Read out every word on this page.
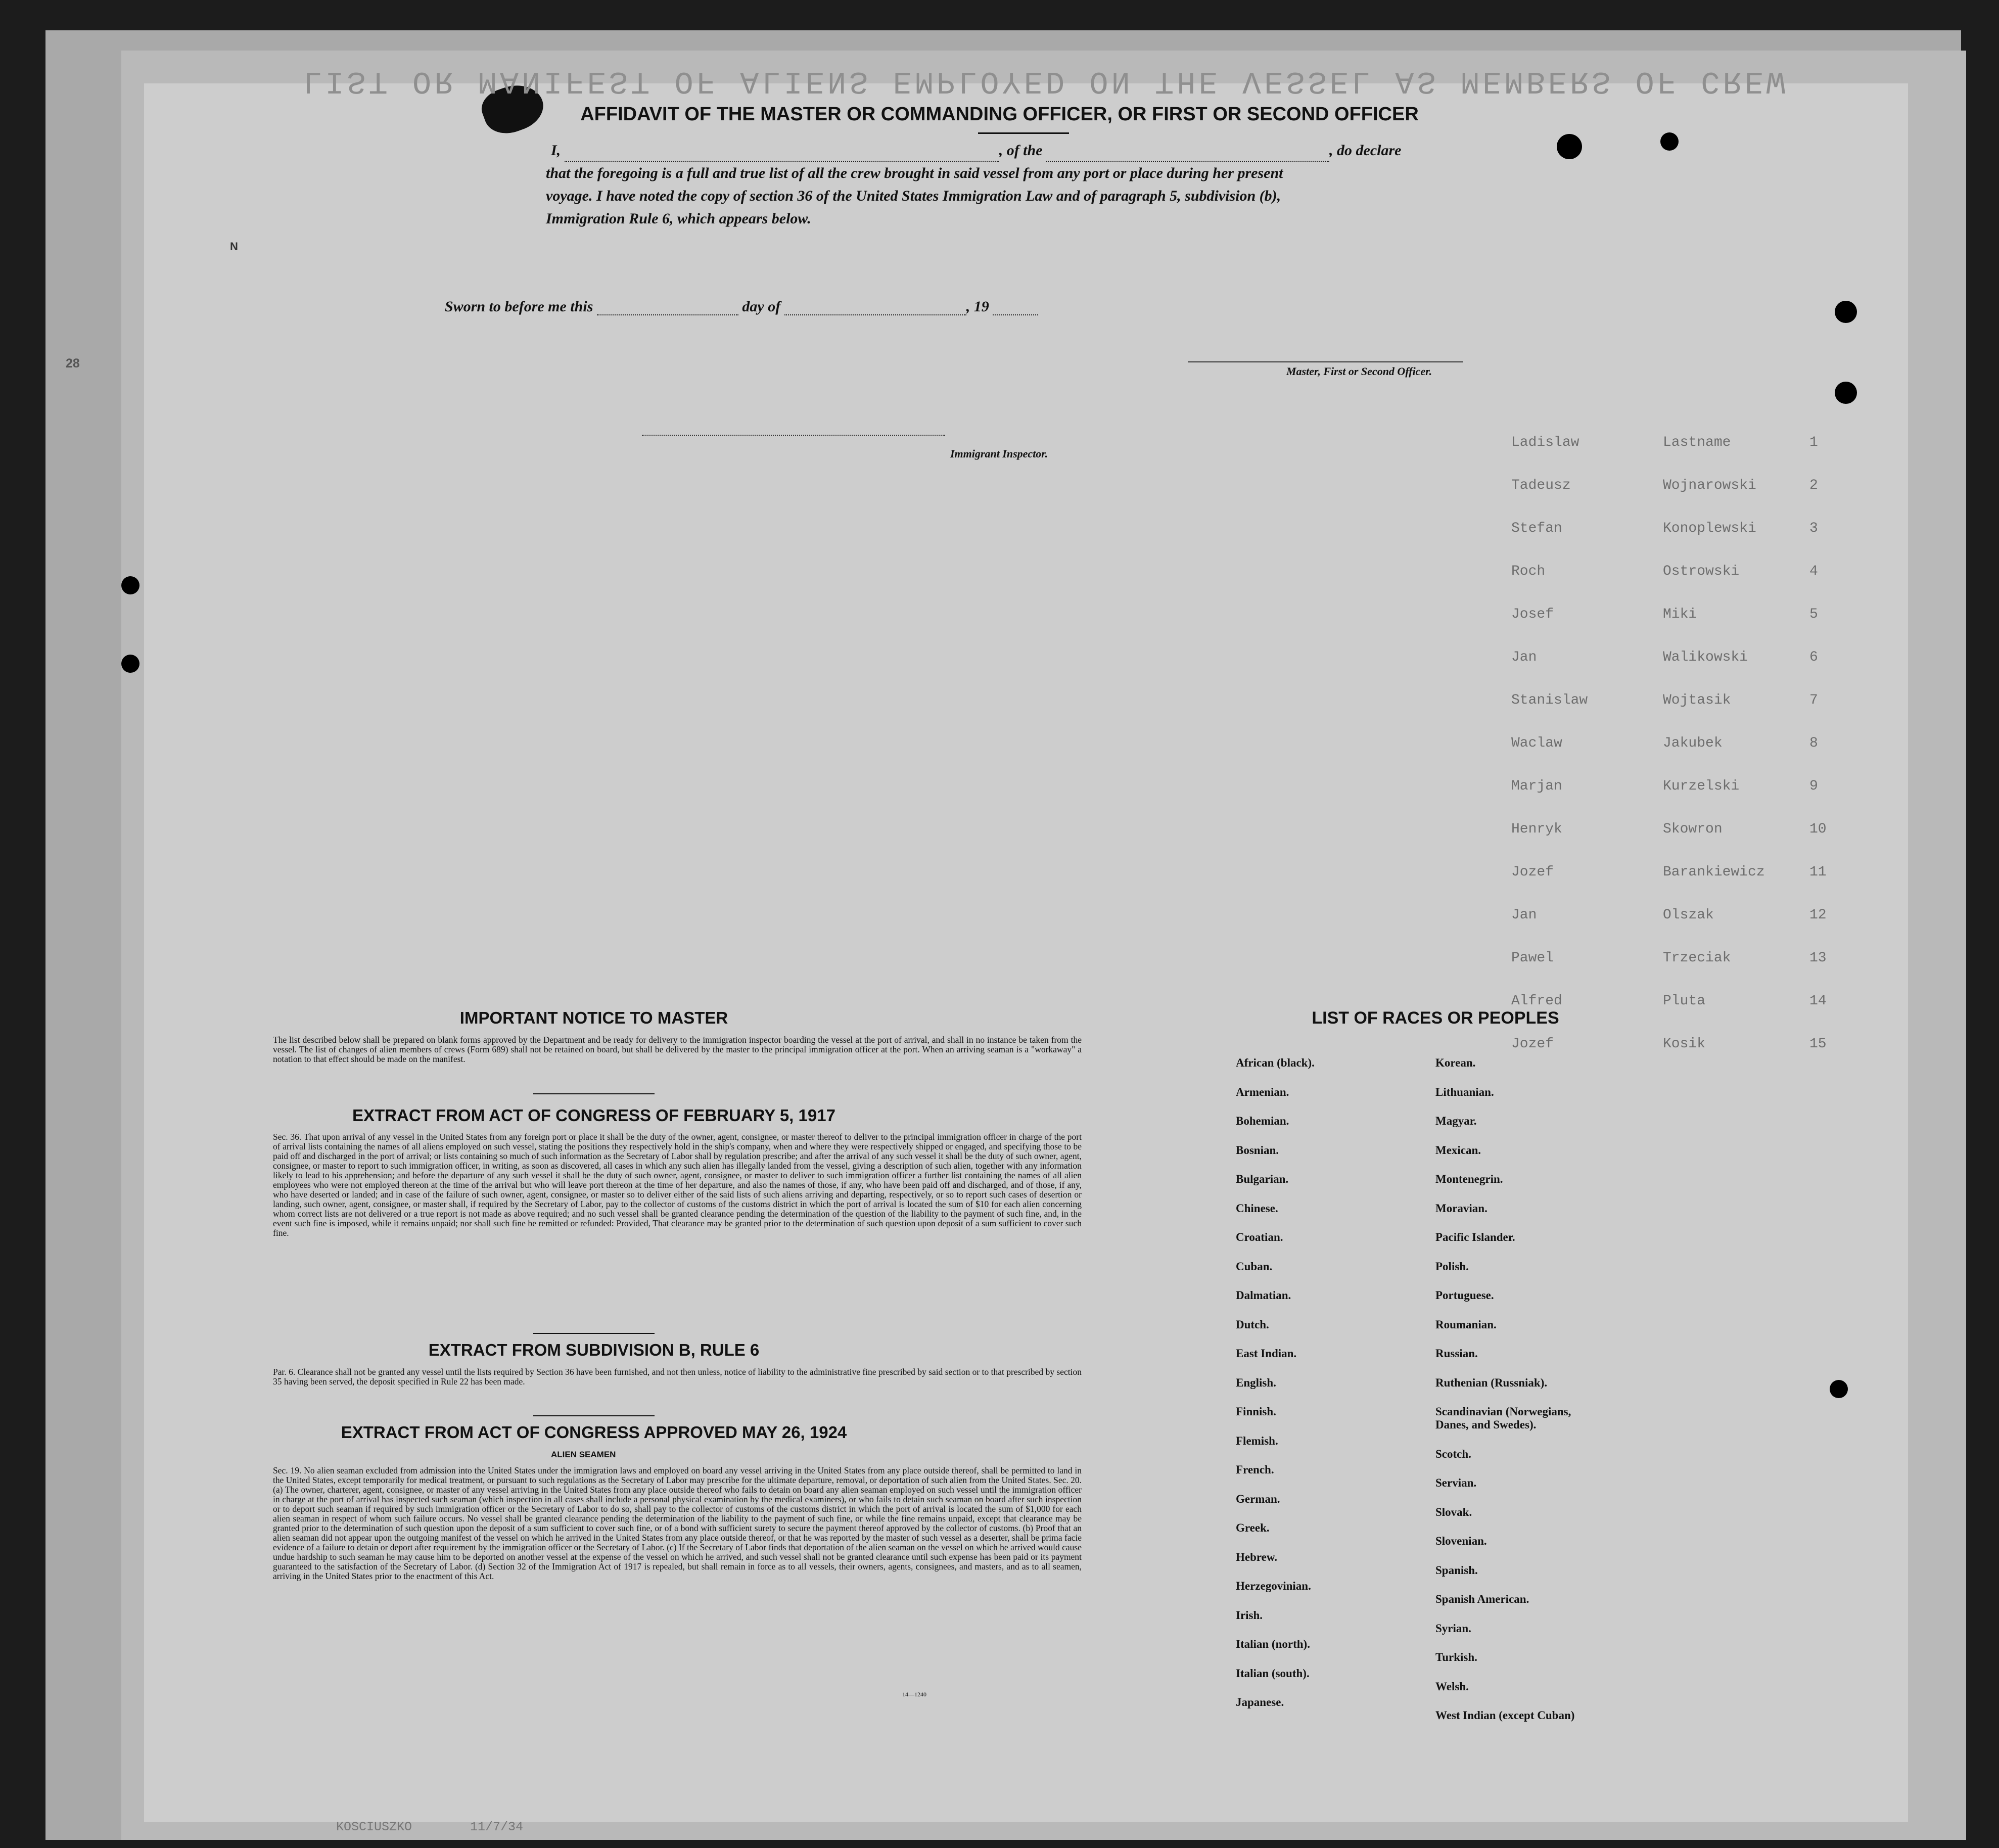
LIST OR MANIFEST OF ALIENS EMPLOYED ON THE VESSEL AS MEMBERS OF CREW
AFFIDAVIT OF THE MASTER OR COMMANDING OFFICER, OR FIRST OR SECOND OFFICER
I,	, of the	, do declare
that the foregoing is a full and true list of all the crew brought in said vessel from any port or place during her present
voyage. I have noted the copy of section 36 of the United States Immigration Law and of paragraph 5, subdivision (b),
Immigration Rule 6, which appears below.
Master, First or Second Officer.
Sworn to before me this	day of	, 19
Immigrant Inspector.
Ladislaw	Lastname	1
Tadeusz	Wojnarowski	2
Stefan	Konoplewski	3
Roch	Ostrowski	4
Josef	Miki	5
Jan	Walikowski	6
Stanislaw	Wojtasik	7
Waclaw	Jakubek	8
Marjan	Kurzelski	9
Henryk	Skowron	10
Jozef	Barankiewicz	11
Jan	Olszak	12
Pawel	Trzeciak	13
Alfred	Pluta	14
Jozef	Kosik	15
IMPORTANT NOTICE TO MASTER
The list described below shall be prepared on blank forms approved by the Department and be ready for delivery to the immigration inspector boarding the vessel at the port of arrival, and shall in no instance be taken from the vessel. The list of changes of alien members of crews (Form 689) shall not be retained on board, but shall be delivered by the master to the principal immigration officer at the port. When an arriving seaman is a "workaway" a notation to that effect should be made on the manifest.
EXTRACT FROM ACT OF CONGRESS OF FEBRUARY 5, 1917
Sec. 36. That upon arrival of any vessel in the United States from any foreign port or place it shall be the duty of the owner, agent, consignee, or master thereof to deliver to the principal immigration officer in charge of the port of arrival lists containing the names of all aliens employed on such vessel, stating the positions they respectively hold in the ship's company, when and where they were respectively shipped or engaged, and specifying those to be paid off and discharged in the port of arrival; or lists containing so much of such information as the Secretary of Labor shall by regulation prescribe; and after the arrival of any such vessel it shall be the duty of such owner, agent, consignee, or master to report to such immigration officer, in writing, as soon as discovered, all cases in which any such alien has illegally landed from the vessel, giving a description of such alien, together with any information likely to lead to his apprehension; and before the departure of any such vessel it shall be the duty of such owner, agent, consignee, or master to deliver to such immigration officer a further list containing the names of all alien employees who were not employed thereon at the time of the arrival but who will leave port thereon at the time of her departure, and also the names of those, if any, who have been paid off and discharged, and of those, if any, who have deserted or landed; and in case of the failure of such owner, agent, consignee, or master so to deliver either of the said lists of such aliens arriving and departing, respectively, or so to report such cases of desertion or landing, such owner, agent, consignee, or master shall, if required by the Secretary of Labor, pay to the collector of customs of the customs district in which the port of arrival is located the sum of $10 for each alien concerning whom correct lists are not delivered or a true report is not made as above required; and no such vessel shall be granted clearance pending the determination of the question of the liability to the payment of such fine, and, in the event such fine is imposed, while it remains unpaid; nor shall such fine be remitted or refunded: Provided, That clearance may be granted prior to the determination of such question upon deposit of a sum sufficient to cover such fine.
EXTRACT FROM SUBDIVISION B, RULE 6
Par. 6. Clearance shall not be granted any vessel until the lists required by Section 36 have been furnished, and not then unless, notice of liability to the administrative fine prescribed by said section or to that prescribed by section 35 having been served, the deposit specified in Rule 22 has been made.
EXTRACT FROM ACT OF CONGRESS APPROVED MAY 26, 1924
ALIEN SEAMEN
Sec. 19. No alien seaman excluded from admission into the United States under the immigration laws and employed on board any vessel arriving in the United States from any place outside thereof, shall be permitted to land in the United States, except temporarily for medical treatment, or pursuant to such regulations as the Secretary of Labor may prescribe for the ultimate departure, removal, or deportation of such alien from the United States. Sec. 20. (a) The owner, charterer, agent, consignee, or master of any vessel arriving in the United States from any place outside thereof who fails to detain on board any alien seaman employed on such vessel until the immigration officer in charge at the port of arrival has inspected such seaman (which inspection in all cases shall include a personal physical examination by the medical examiners), or who fails to detain such seaman on board after such inspection or to deport such seaman if required by such immigration officer or the Secretary of Labor to do so, shall pay to the collector of customs of the customs district in which the port of arrival is located the sum of $1,000 for each alien seaman in respect of whom such failure occurs. No vessel shall be granted clearance pending the determination of the liability to the payment of such fine, or while the fine remains unpaid, except that clearance may be granted prior to the determination of such question upon the deposit of a sum sufficient to cover such fine, or of a bond with sufficient surety to secure the payment thereof approved by the collector of customs. (b) Proof that an alien seaman did not appear upon the outgoing manifest of the vessel on which he arrived in the United States from any place outside thereof, or that he was reported by the master of such vessel as a deserter, shall be prima facie evidence of a failure to detain or deport after requirement by the immigration officer or the Secretary of Labor. (c) If the Secretary of Labor finds that deportation of the alien seaman on the vessel on which he arrived would cause undue hardship to such seaman he may cause him to be deported on another vessel at the expense of the vessel on which he arrived, and such vessel shall not be granted clearance until such expense has been paid or its payment guaranteed to the satisfaction of the Secretary of Labor. (d) Section 32 of the Immigration Act of 1917 is repealed, but shall remain in force as to all vessels, their owners, agents, consignees, and masters, and as to all seamen, arriving in the United States prior to the enactment of this Act.
14—1240
LIST OF RACES OR PEOPLES
African (black).
Armenian.
Bohemian.
Bosnian.
Bulgarian.
Chinese.
Croatian.
Cuban.
Dalmatian.
Dutch.
East Indian.
English.
Finnish.
Flemish.
French.
German.
Greek.
Hebrew.
Herzegovinian.
Irish.
Italian (north).
Italian (south).
Japanese.
Korean.
Lithuanian.
Magyar.
Mexican.
Montenegrin.
Moravian.
Pacific Islander.
Polish.
Portuguese.
Roumanian.
Russian.
Ruthenian (Russniak).
Scandinavian (Norwegians,
Danes, and Swedes).
Scotch.
Servian.
Slovak.
Slovenian.
Spanish.
Spanish American.
Syrian.
Turkish.
Welsh.
West Indian (except Cuban)
28
N
KOSCIUSZKO	11/7/34
